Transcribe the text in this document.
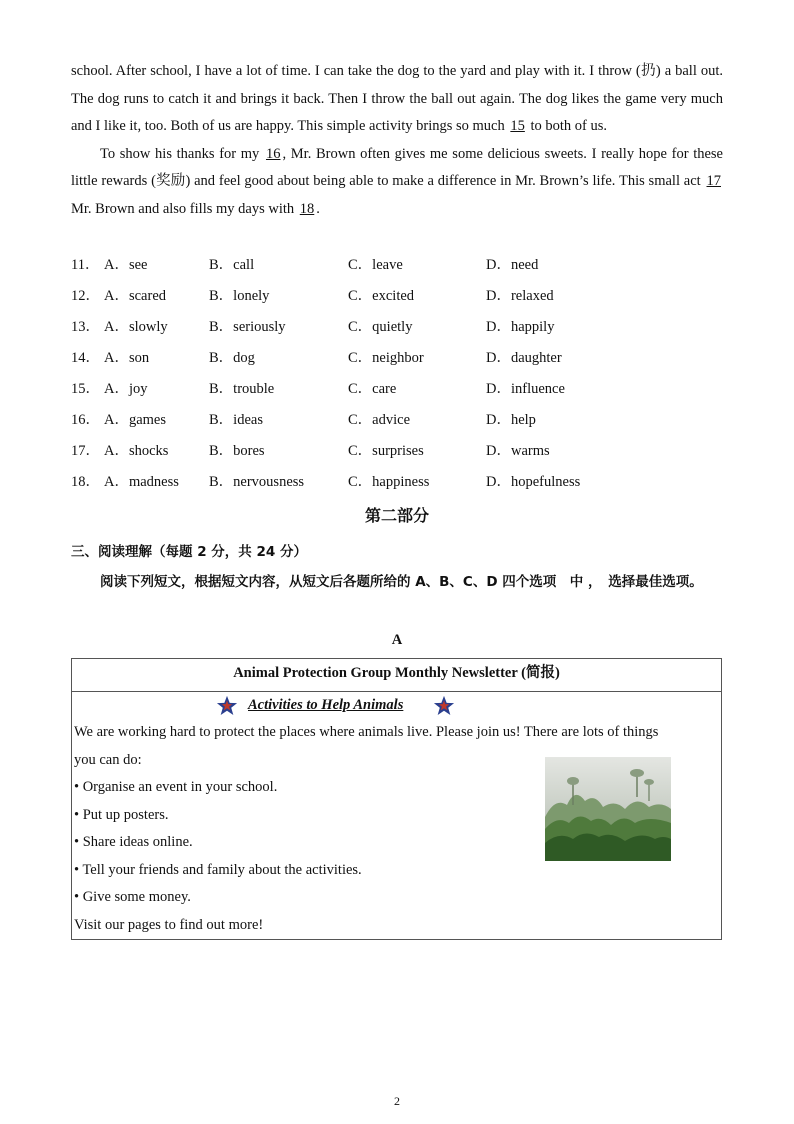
school. After school, I have a lot of time. I can take the dog to the yard and play with it. I throw (扔) a ball out. The dog runs to catch it and brings it back. Then I throw the ball out again. The dog likes the game very much and I like it, too. Both of us are happy. This simple activity brings so much 15 to both of us.

To show his thanks for my 16 , Mr. Brown often gives me some delicious sweets. I really hope for these little rewards (奖励) and feel good about being able to make a difference in Mr. Brown’s life. This small act 17 Mr. Brown and also fills my days with 18 .

11． A．see	B．call	C．leave	D．need
12． A．scared	B．lonely	C．excited	D．relaxed
13． A．slowly	B．seriously	C．quietly	D．happily
14． A．son	B．dog	C．neighbor	D．daughter
15． A．joy	B．trouble	C．care	D．influence
16． A．games	B．ideas	C．advice	D．help
17． A．shocks	B．bores	C．surprises	D．warms
18． A．madness B．nervousness	C．happiness	D．hopefulness
第二部分
三、阅读理解（每题 2 分，共 24 分）
阅读下列短文，根据短文内容，从短文后各题所给的 A、B、C、D 四个选项　中 ，　选择最佳选项。
A
Animal Protection Group Monthly Newsletter (简报)
Activities to Help Animals
We are working hard to protect the places where animals live. Please join us! There are lots of things
you can do:
• Organise an event in your school.
• Put up posters.
• Share ideas online.
• Tell your friends and family about the activities.
• Give some money.
Visit our pages to find out more!
2
